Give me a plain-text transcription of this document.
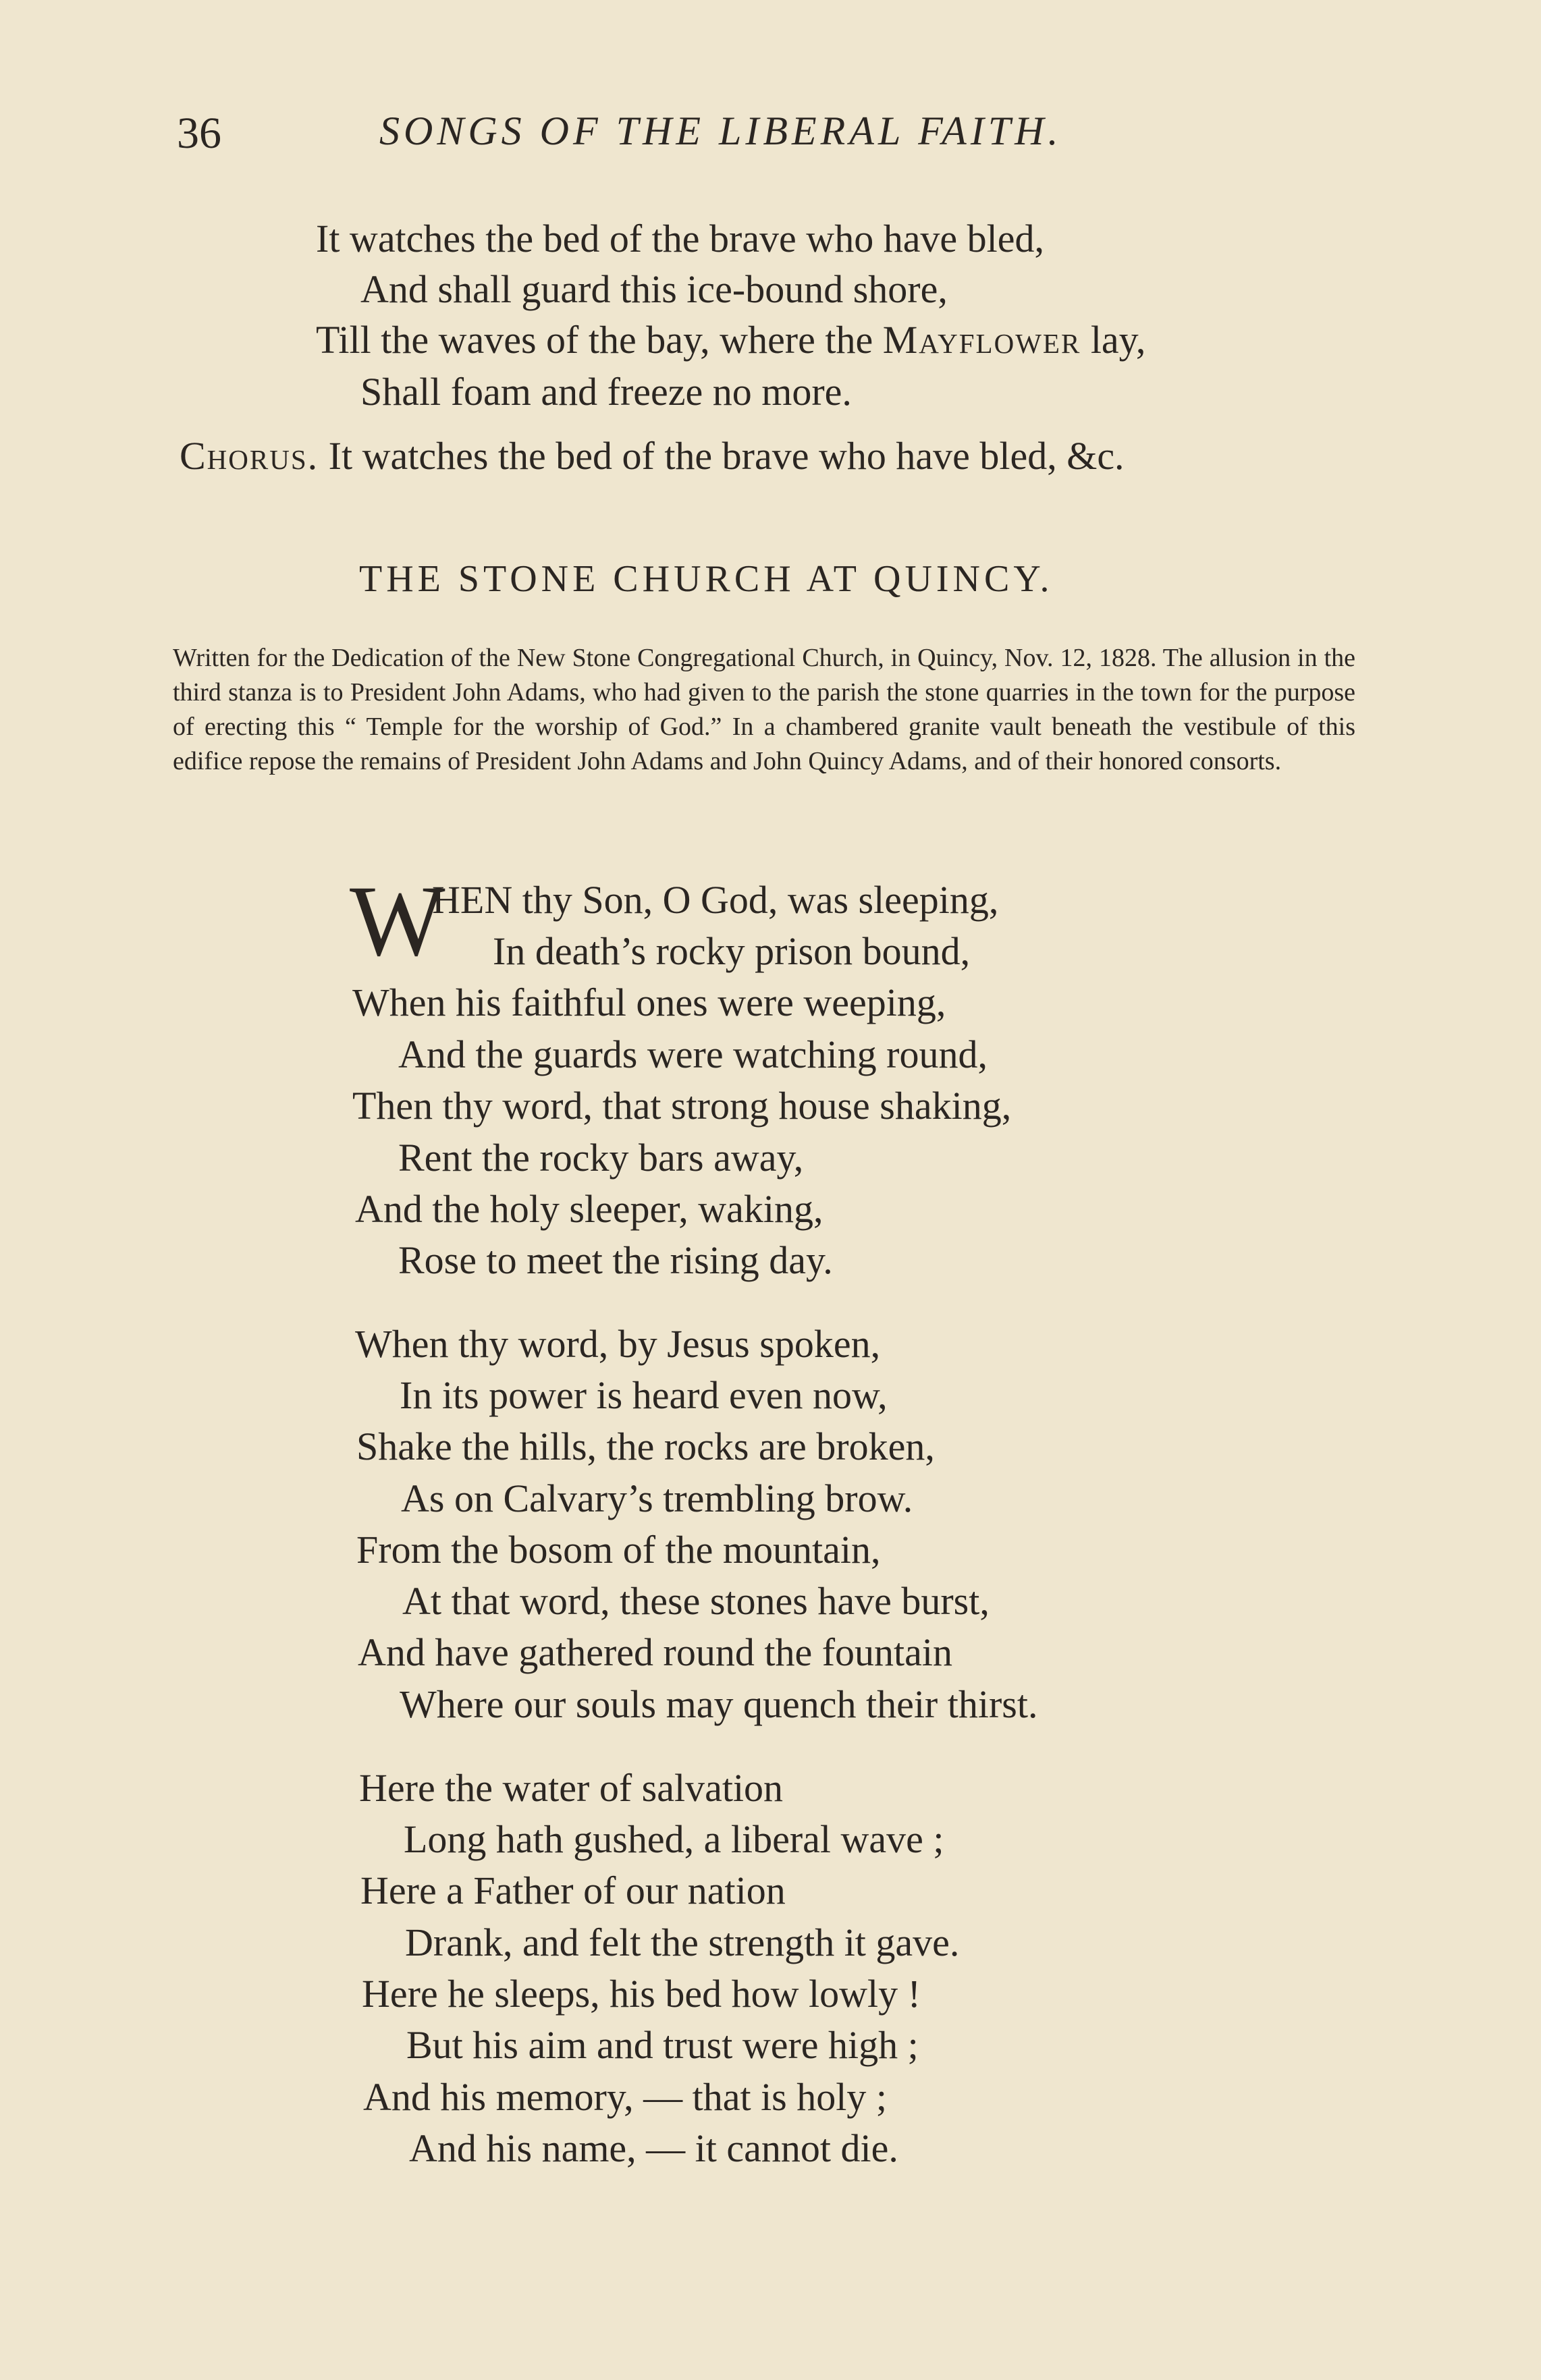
36	SONGS OF THE LIBERAL FAITH.
It watches the bed of the brave who have bled,
And shall guard this ice-bound shore,
Till the waves of the bay, where the Mayflower lay,
Shall foam and freeze no more.
Chorus. It watches the bed of the brave who have bled, &c.
THE STONE CHURCH AT QUINCY.
Written for the Dedication of the New Stone Congregational Church, in Quincy, Nov. 12, 1828. The allusion in the third stanza is to President John Adams, who had given to the parish the stone quarries in the town for the purpose of erecting this “ Temple for the worship of God.” In a chambered granite vault beneath the vestibule of this edifice repose the remains of President John Adams and John Quincy Adams, and of their honored consorts.
W
HEN thy Son, O God, was sleeping,
In death’s rocky prison bound,
When his faithful ones were weeping,
And the guards were watching round,
Then thy word, that strong house shaking,
Rent the rocky bars away,
And the holy sleeper, waking,
Rose to meet the rising day.
When thy word, by Jesus spoken,
In its power is heard even now,
Shake the hills, the rocks are broken,
As on Calvary’s trembling brow.
From the bosom of the mountain,
At that word, these stones have burst,
And have gathered round the fountain
Where our souls may quench their thirst.
Here the water of salvation
Long hath gushed, a liberal wave ;
Here a Father of our nation
Drank, and felt the strength it gave.
Here he sleeps, his bed how lowly !
But his aim and trust were high ;
And his memory, — that is holy ;
And his name, — it cannot die.
